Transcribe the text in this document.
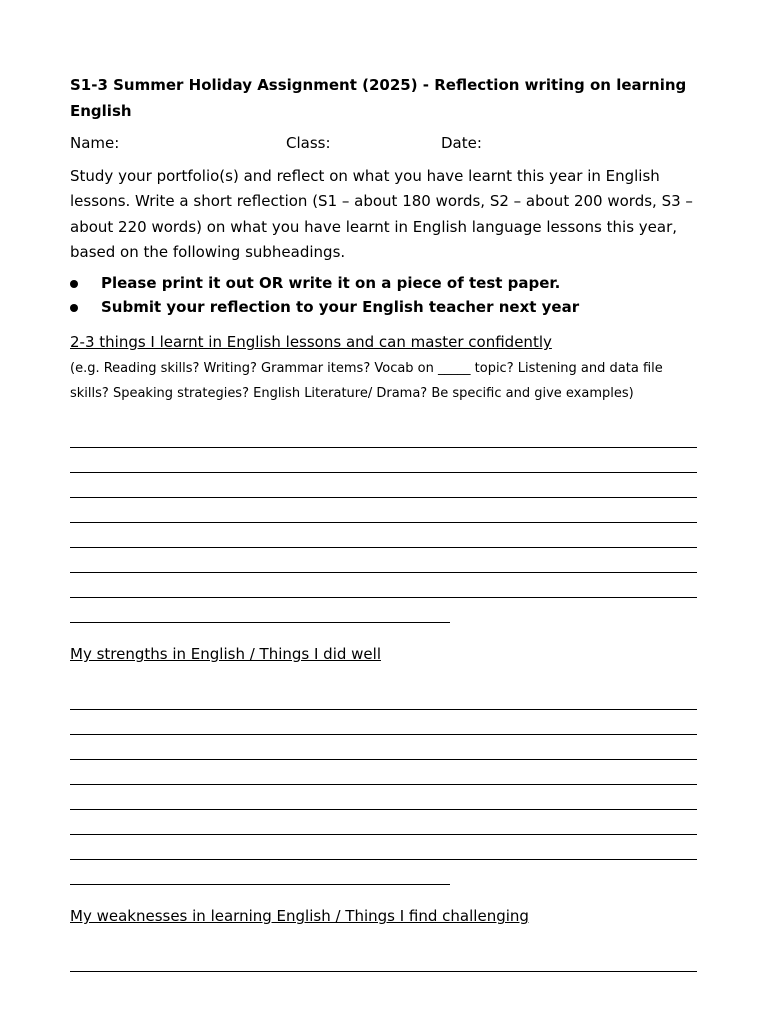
S1-3 Summer Holiday Assignment (2025) - Reflection writing on learning English
Name:	Class:	Date:

Study your portfolio(s) and reflect on what you have learnt this year in English lessons. Write a short reflection (S1 – about 180 words, S2 – about 200 words, S3 – about 220 words) on what you have learnt in English language lessons this year, based on the following subheadings.

Please print it out OR write it on a piece of test paper.
Submit your reflection to your English teacher next year

2-3 things I learnt in English lessons and can master confidently

(e.g. Reading skills? Writing? Grammar items? Vocab on _____ topic? Listening and data file skills? Speaking strategies? English Literature/ Drama? Be specific and give examples)

My strengths in English / Things I did well

My weaknesses in learning English / Things I find challenging
